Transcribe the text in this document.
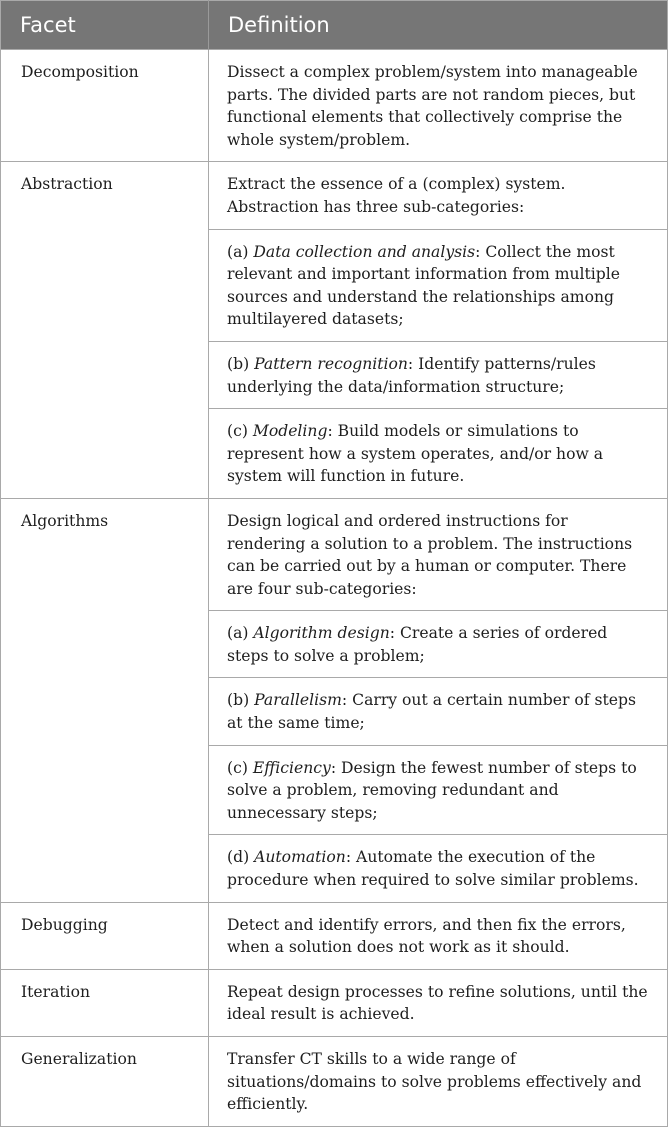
Facet	Definition
Decomposition	Dissect a complex problem/system into manageable parts. The divided parts are not random pieces, but functional elements that collectively comprise the whole system/problem.

Abstraction	Extract the essence of a (complex) system. Abstraction has three sub-categories:
(a) Data collection and analysis: Collect the most relevant and important information from multiple sources and understand the relationships among multilayered datasets;
(b) Pattern recognition: Identify patterns/rules underlying the data/information structure;
(c) Modeling: Build models or simulations to represent how a system operates, and/or how a system will function in future.

Algorithms	Design logical and ordered instructions for rendering a solution to a problem. The instructions can be carried out by a human or computer. There are four sub-categories:
(a) Algorithm design: Create a series of ordered steps to solve a problem;
(b) Parallelism: Carry out a certain number of steps at the same time;
(c) Efficiency: Design the fewest number of steps to solve a problem, removing redundant and unnecessary steps;
(d) Automation: Automate the execution of the procedure when required to solve similar problems.

Debugging	Detect and identify errors, and then fix the errors, when a solution does not work as it should.

Iteration	Repeat design processes to refine solutions, until the ideal result is achieved.

Generalization	Transfer CT skills to a wide range of situations/domains to solve problems effectively and efficiently.
